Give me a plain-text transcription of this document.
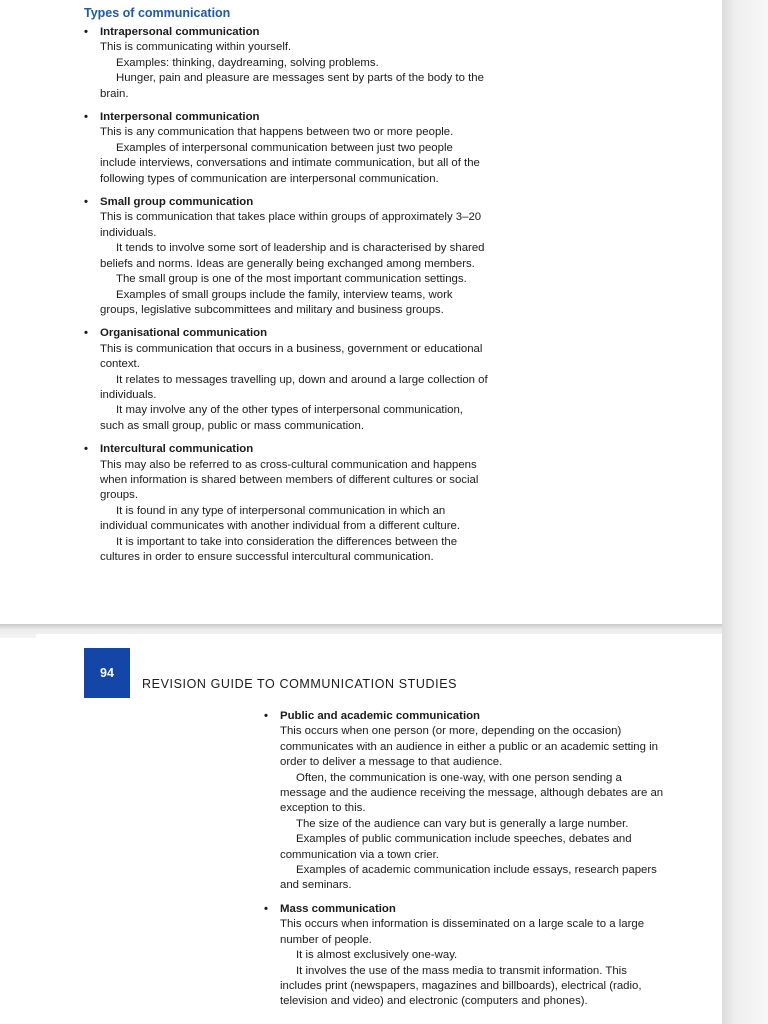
Types of communication
• Intrapersonal communication

This is communicating within yourself.

Examples: thinking, daydreaming, solving problems.

Hunger, pain and pleasure are messages sent by parts of the body to the brain.

• Interpersonal communication

This is any communication that happens between two or more people.

Examples of interpersonal communication between just two people include interviews, conversations and intimate communication, but all of the following types of communication are interpersonal communication.

• Small group communication

This is communication that takes place within groups of approximately 3–20 individuals.

It tends to involve some sort of leadership and is characterised by shared beliefs and norms. Ideas are generally being exchanged among members.

The small group is one of the most important communication settings.

Examples of small groups include the family, interview teams, work groups, legislative subcommittees and military and business groups.

• Organisational communication

This is communication that occurs in a business, government or educational context.

It relates to messages travelling up, down and around a large collection of individuals.

It may involve any of the other types of interpersonal communication, such as small group, public or mass communication.

• Intercultural communication

This may also be referred to as cross-cultural communication and happens when information is shared between members of different cultures or social groups.

It is found in any type of interpersonal communication in which an individual communicates with another individual from a different culture.

It is important to take into consideration the differences between the cultures in order to ensure successful intercultural communication.

94
REVISION GUIDE TO COMMUNICATION STUDIES
• Public and academic communication

This occurs when one person (or more, depending on the occasion) communicates with an audience in either a public or an academic setting in order to deliver a message to that audience.

Often, the communication is one-way, with one person sending a message and the audience receiving the message, although debates are an exception to this.

The size of the audience can vary but is generally a large number.

Examples of public communication include speeches, debates and communication via a town crier.

Examples of academic communication include essays, research papers and seminars.

• Mass communication

This occurs when information is disseminated on a large scale to a large number of people.

It is almost exclusively one-way.

It involves the use of the mass media to transmit information. This includes print (newspapers, magazines and billboards), electrical (radio, television and video) and electronic (computers and phones).
